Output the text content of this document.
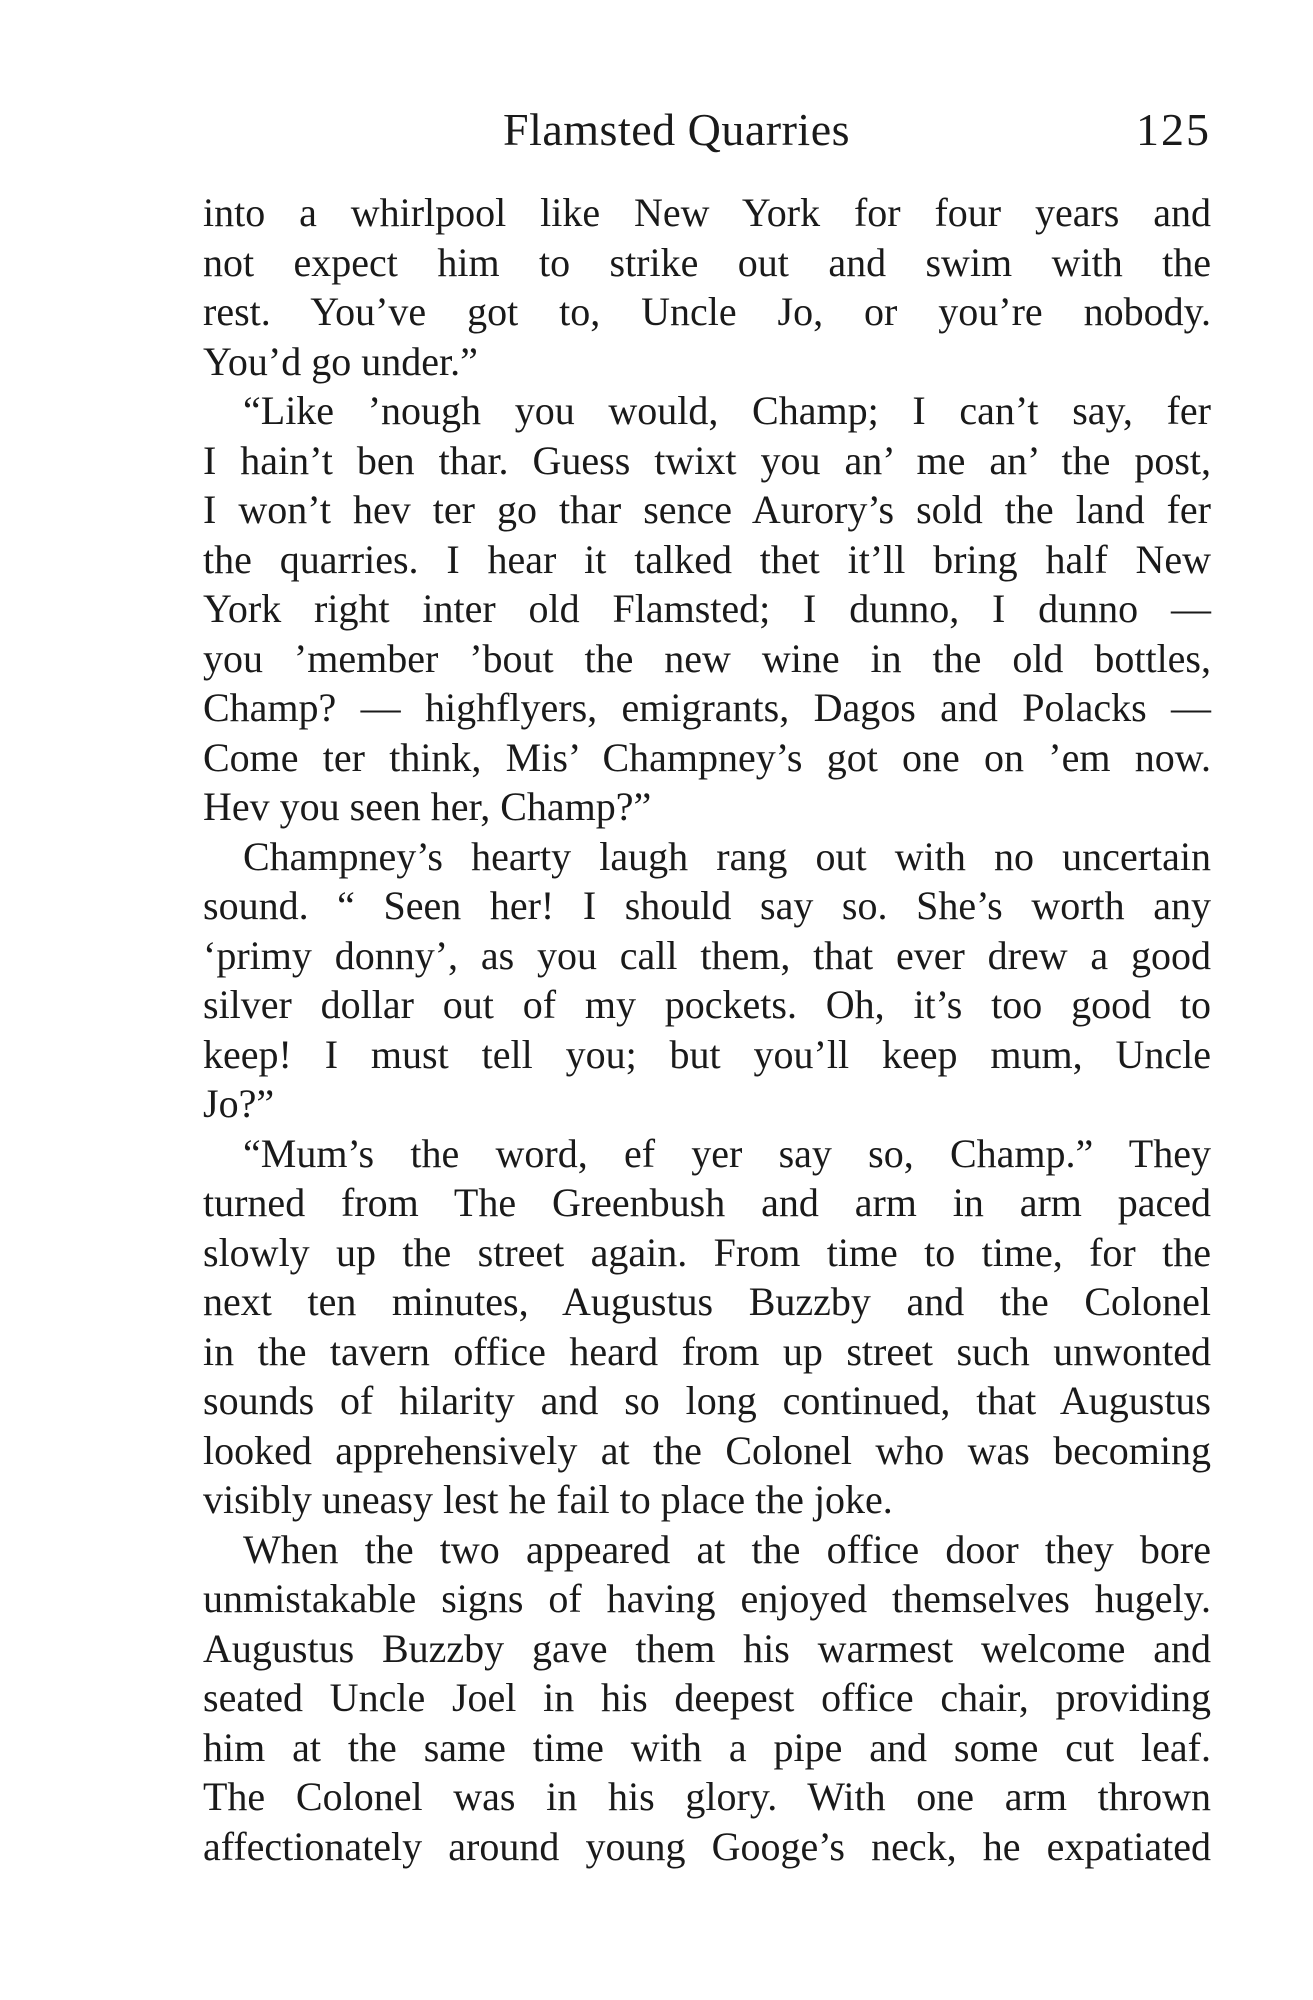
Flamsted Quarries	125
into a whirlpool like New York for four years and
not expect him to strike out and swim with the
rest. You’ve got to, Uncle Jo, or you’re nobody.
You’d go under.”
“Like ’nough you would, Champ; I can’t say, fer
I hain’t ben thar. Guess twixt you an’ me an’ the post,
I won’t hev ter go thar sence Aurory’s sold the land fer
the quarries. I hear it talked thet it’ll bring half New
York right inter old Flamsted; I dunno, I dunno —
you ’member ’bout the new wine in the old bottles,
Champ? — highflyers, emigrants, Dagos and Polacks —
Come ter think, Mis’ Champney’s got one on ’em now.
Hev you seen her, Champ?”
Champney’s hearty laugh rang out with no uncertain
sound. “ Seen her! I should say so. She’s worth any
‘primy donny’, as you call them, that ever drew a good
silver dollar out of my pockets. Oh, it’s too good to
keep! I must tell you; but you’ll keep mum, Uncle
Jo?”
“Mum’s the word, ef yer say so, Champ.” They
turned from The Greenbush and arm in arm paced
slowly up the street again. From time to time, for the
next ten minutes, Augustus Buzzby and the Colonel
in the tavern office heard from up street such unwonted
sounds of hilarity and so long continued, that Augustus
looked apprehensively at the Colonel who was becoming
visibly uneasy lest he fail to place the joke.
When the two appeared at the office door they bore
unmistakable signs of having enjoyed themselves hugely.
Augustus Buzzby gave them his warmest welcome and
seated Uncle Joel in his deepest office chair, providing
him at the same time with a pipe and some cut leaf.
The Colonel was in his glory. With one arm thrown
affectionately around young Googe’s neck, he expatiated
